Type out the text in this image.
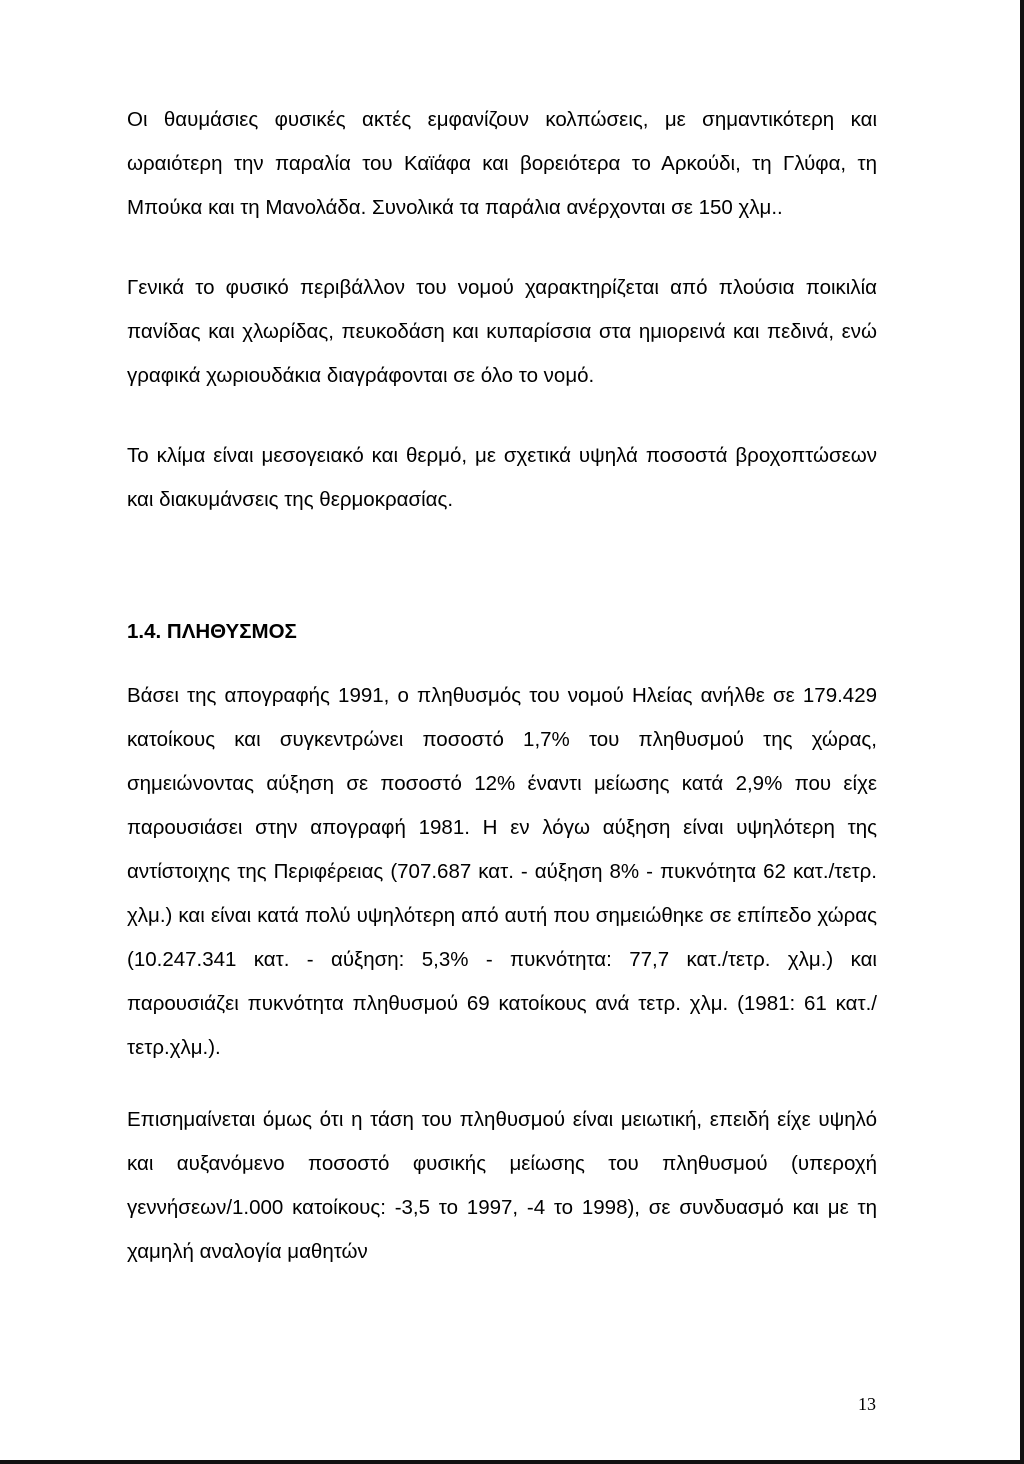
Οι θαυμάσιες φυσικές ακτές εμφανίζουν κολπώσεις, με σημαντικότερη και ωραιότερη την παραλία του Καϊάφα και βορειότερα το Αρκούδι, τη Γλύφα, τη Μπούκα και τη Μανολάδα. Συνολικά τα παράλια ανέρχονται σε 150 χλμ..

Γενικά το φυσικό περιβάλλον του νομού χαρακτηρίζεται από πλούσια ποικιλία πανίδας και χλωρίδας, πευκοδάση και κυπαρίσσια στα ημιορεινά και πεδινά, ενώ γραφικά χωριουδάκια διαγράφονται σε όλο το νομό.

Το κλίμα είναι μεσογειακό και θερμό, με σχετικά υψηλά ποσοστά βροχοπτώσεων και διακυμάνσεις της θερμοκρασίας.

1.4. ΠΛΗΘΥΣΜΟΣ

Βάσει της απογραφής 1991, ο πληθυσμός του νομού Ηλείας ανήλθε σε 179.429 κατοίκους και συγκεντρώνει ποσοστό 1,7% του πληθυσμού της χώρας, σημειώνοντας αύξηση σε ποσοστό 12% έναντι μείωσης κατά 2,9% που είχε παρουσιάσει στην απογραφή 1981. Η εν λόγω αύξηση είναι υψηλότερη της αντίστοιχης της Περιφέρειας (707.687 κατ. - αύξηση 8% - πυκνότητα 62 κατ./τετρ. χλμ.) και είναι κατά πολύ υψηλότερη από αυτή που σημειώθηκε σε επίπεδο χώρας (10.247.341 κατ. - αύξηση: 5,3% - πυκνότητα: 77,7 κατ./τετρ. χλμ.) και παρουσιάζει πυκνότητα πληθυσμού 69 κατοίκους ανά τετρ. χλμ. (1981: 61 κατ./τετρ.χλμ.).

Επισημαίνεται όμως ότι η τάση του πληθυσμού είναι μειωτική, επειδή είχε υψηλό και αυξανόμενο ποσοστό φυσικής μείωσης του πληθυσμού (υπεροχή γεννήσεων/1.000 κατοίκους: -3,5 το 1997, -4 το 1998), σε συνδυασμό και με τη χαμηλή αναλογία μαθητών

13
